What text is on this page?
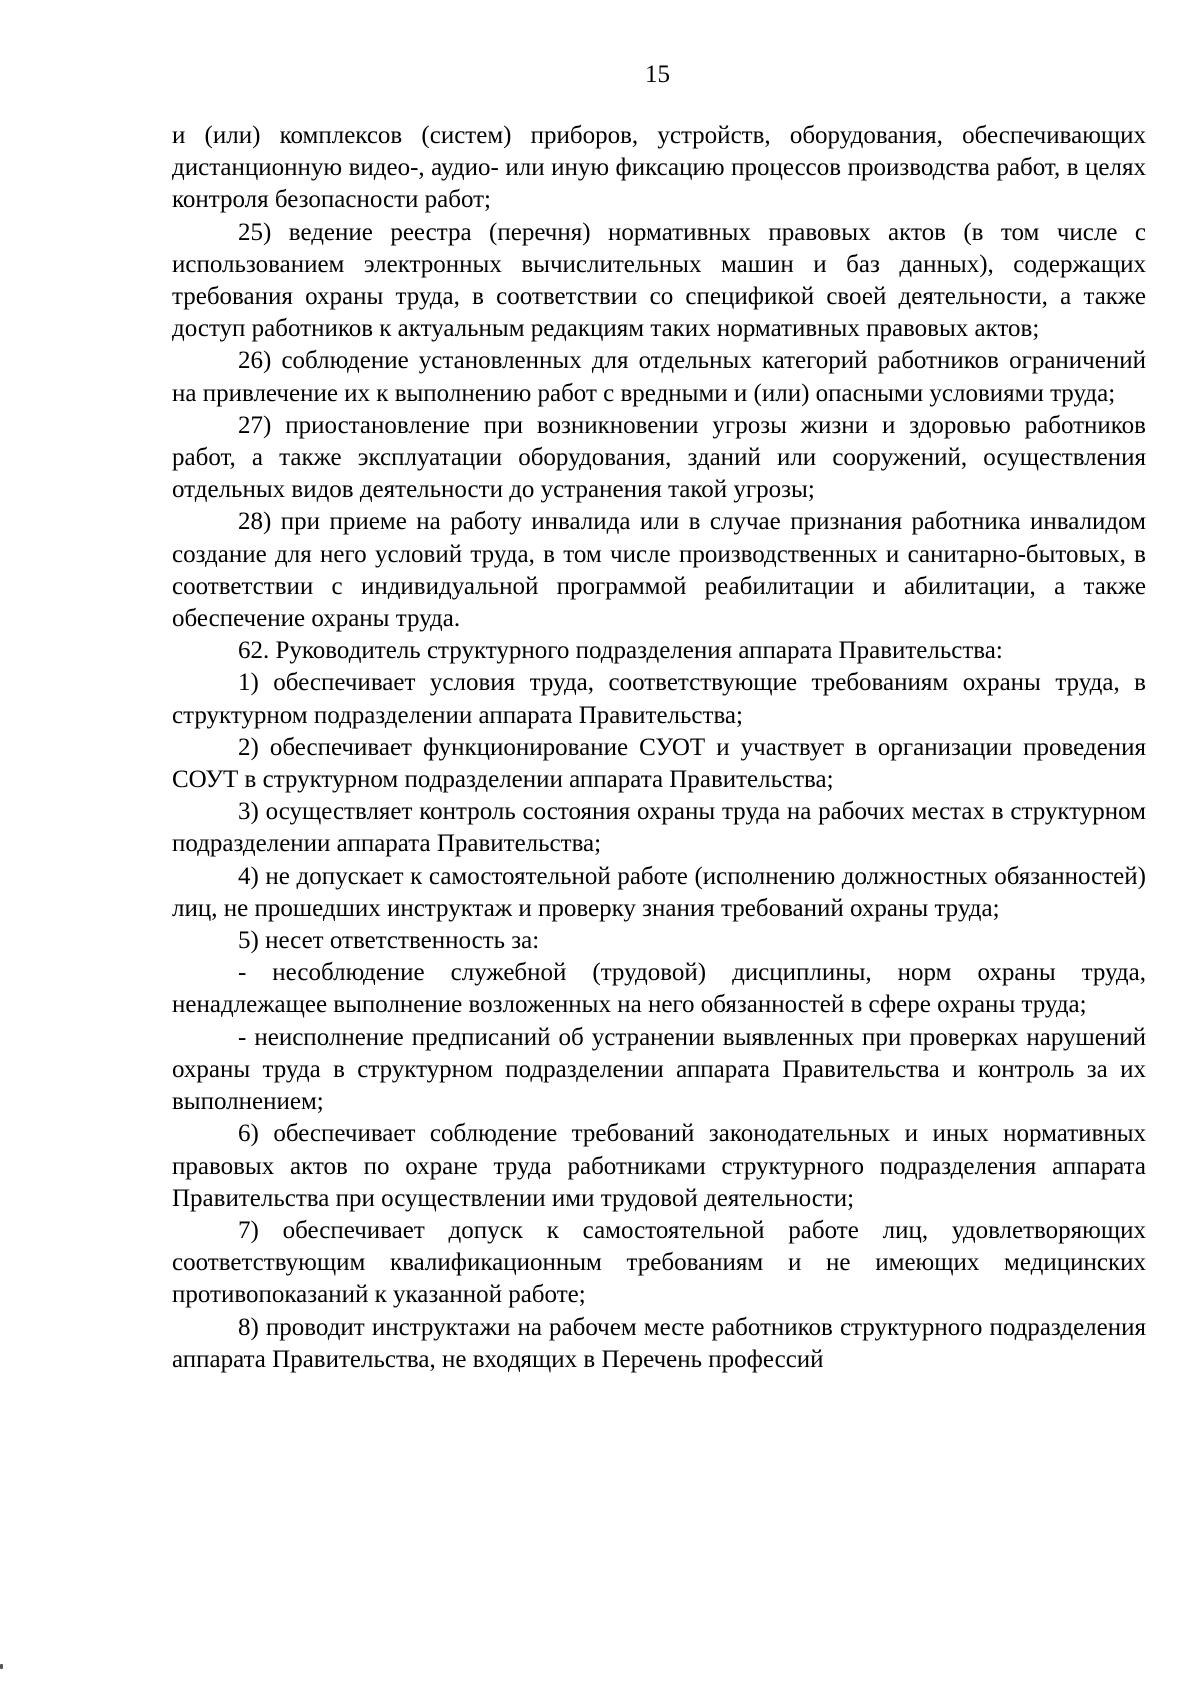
15

и (или) комплексов (систем) приборов, устройств, оборудования, обеспечивающих дистанционную видео-, аудио- или иную фиксацию процессов производства работ, в целях контроля безопасности работ;

25) ведение реестра (перечня) нормативных правовых актов (в том числе с использованием электронных вычислительных машин и баз данных), содержащих требования охраны труда, в соответствии со спецификой своей деятельности, а также доступ работников к актуальным редакциям таких нормативных правовых актов;

26) соблюдение установленных для отдельных категорий работников ограничений на привлечение их к выполнению работ с вредными и (или) опасными условиями труда;

27) приостановление при возникновении угрозы жизни и здоровью работников работ, а также эксплуатации оборудования, зданий или сооружений, осуществления отдельных видов деятельности до устранения такой угрозы;

28) при приеме на работу инвалида или в случае признания работника инвалидом создание для него условий труда, в том числе производственных и санитарно-бытовых, в соответствии с индивидуальной программой реабилитации и абилитации, а также обеспечение охраны труда.

62. Руководитель структурного подразделения аппарата Правительства:

1) обеспечивает условия труда, соответствующие требованиям охраны труда, в структурном подразделении аппарата Правительства;

2) обеспечивает функционирование СУОТ и участвует в организации проведения СОУТ в структурном подразделении аппарата Правительства;

3) осуществляет контроль состояния охраны труда на рабочих местах в структурном подразделении аппарата Правительства;

4) не допускает к самостоятельной работе (исполнению должностных обязанностей) лиц, не прошедших инструктаж и проверку знания требований охраны труда;

5) несет ответственность за:

- несоблюдение служебной (трудовой) дисциплины, норм охраны труда, ненадлежащее выполнение возложенных на него обязанностей в сфере охраны труда;

- неисполнение предписаний об устранении выявленных при проверках нарушений охраны труда в структурном подразделении аппарата Правительства и контроль за их выполнением;

6) обеспечивает соблюдение требований законодательных и иных нормативных правовых актов по охране труда работниками структурного подразделения аппарата Правительства при осуществлении ими трудовой деятельности;

7) обеспечивает допуск к самостоятельной работе лиц, удовлетворяющих соответствующим квалификационным требованиям и не имеющих медицинских противопоказаний к указанной работе;

8) проводит инструктажи на рабочем месте работников структурного подразделения аппарата Правительства, не входящих в Перечень профессий
